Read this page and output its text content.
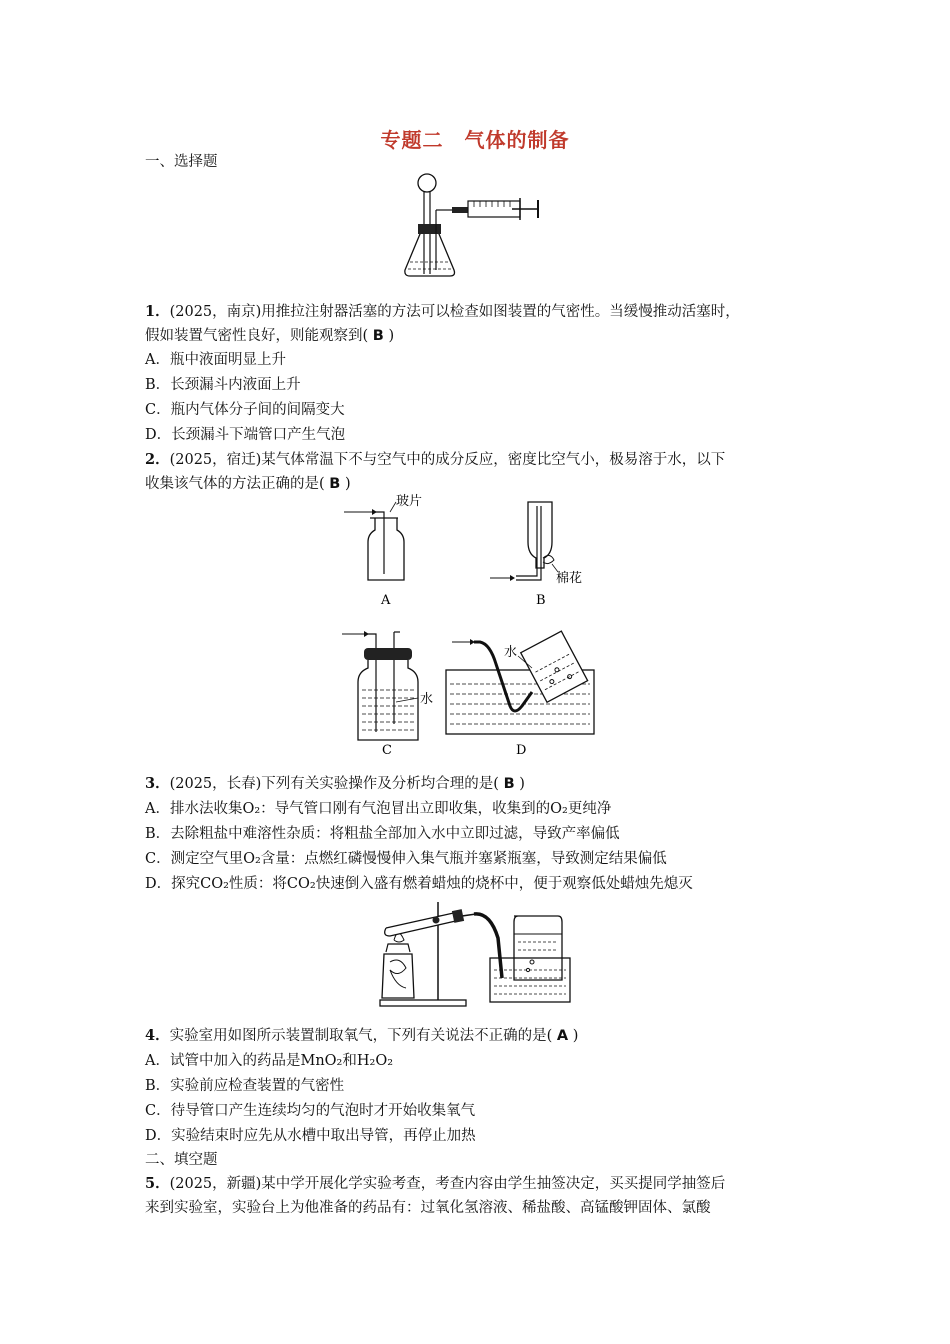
专题二　气体的制备
一、选择题
1．(2025，南京)用推拉注射器活塞的方法可以检查如图装置的气密性。当缓慢推动活塞时，
假如装置气密性良好，则能观察到( B )
A．瓶中液面明显上升
B．长颈漏斗内液面上升
C．瓶内气体分子间的间隔变大
D．长颈漏斗下端管口产生气泡
2．(2025，宿迁)某气体常温下不与空气中的成分反应，密度比空气小，极易溶于水，以下
收集该气体的方法正确的是( B )
玻片
A
棉花
B
水
C
水
D
3．(2025，长春)下列有关实验操作及分析均合理的是( B )
A．排水法收集O₂：导气管口刚有气泡冒出立即收集，收集到的O₂更纯净
B．去除粗盐中难溶性杂质：将粗盐全部加入水中立即过滤，导致产率偏低
C．测定空气里O₂含量：点燃红磷慢慢伸入集气瓶并塞紧瓶塞，导致测定结果偏低
D．探究CO₂性质：将CO₂快速倒入盛有燃着蜡烛的烧杯中，便于观察低处蜡烛先熄灭
4．实验室用如图所示装置制取氧气，下列有关说法不正确的是( A )
A．试管中加入的药品是MnO₂和H₂O₂
B．实验前应检查装置的气密性
C．待导管口产生连续均匀的气泡时才开始收集氧气
D．实验结束时应先从水槽中取出导管，再停止加热
二、填空题
5．(2025，新疆)某中学开展化学实验考查，考查内容由学生抽签决定，买买提同学抽签后
来到实验室，实验台上为他准备的药品有：过氧化氢溶液、稀盐酸、高锰酸钾固体、氯酸
